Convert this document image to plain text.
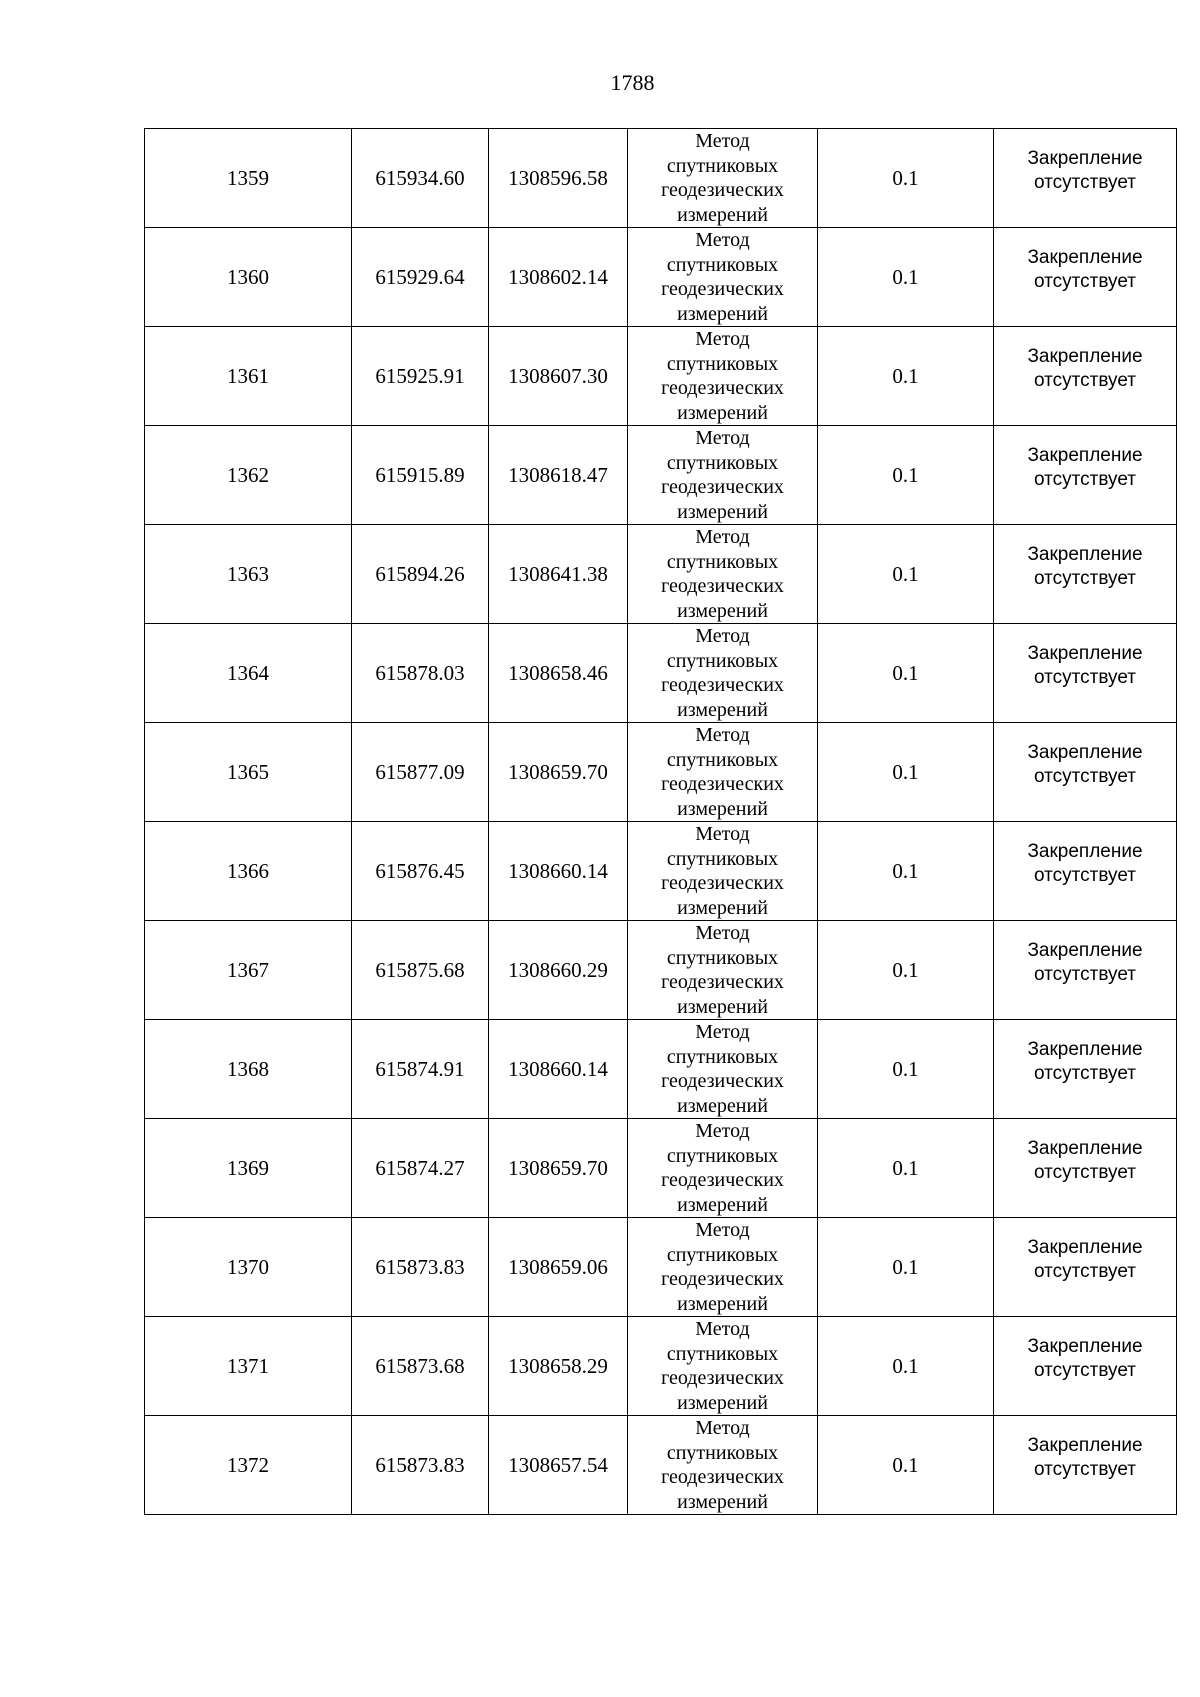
1788
1359	615934.60	1308596.58	Метод
спутниковых
геодезических
измерений	0.1	Закрепление
отсутствует

1360	615929.64	1308602.14	Метод
спутниковых
геодезических
измерений	0.1	Закрепление
отсутствует

1361	615925.91	1308607.30	Метод
спутниковых
геодезических
измерений	0.1	Закрепление
отсутствует

1362	615915.89	1308618.47	Метод
спутниковых
геодезических
измерений	0.1	Закрепление
отсутствует

1363	615894.26	1308641.38	Метод
спутниковых
геодезических
измерений	0.1	Закрепление
отсутствует

1364	615878.03	1308658.46	Метод
спутниковых
геодезических
измерений	0.1	Закрепление
отсутствует

1365	615877.09	1308659.70	Метод
спутниковых
геодезических
измерений	0.1	Закрепление
отсутствует

1366	615876.45	1308660.14	Метод
спутниковых
геодезических
измерений	0.1	Закрепление
отсутствует

1367	615875.68	1308660.29	Метод
спутниковых
геодезических
измерений	0.1	Закрепление
отсутствует

1368	615874.91	1308660.14	Метод
спутниковых
геодезических
измерений	0.1	Закрепление
отсутствует

1369	615874.27	1308659.70	Метод
спутниковых
геодезических
измерений	0.1	Закрепление
отсутствует

1370	615873.83	1308659.06	Метод
спутниковых
геодезических
измерений	0.1	Закрепление
отсутствует

1371	615873.68	1308658.29	Метод
спутниковых
геодезических
измерений	0.1	Закрепление
отсутствует

1372	615873.83	1308657.54	Метод
спутниковых
геодезических
измерений	0.1	Закрепление
отсутствует
